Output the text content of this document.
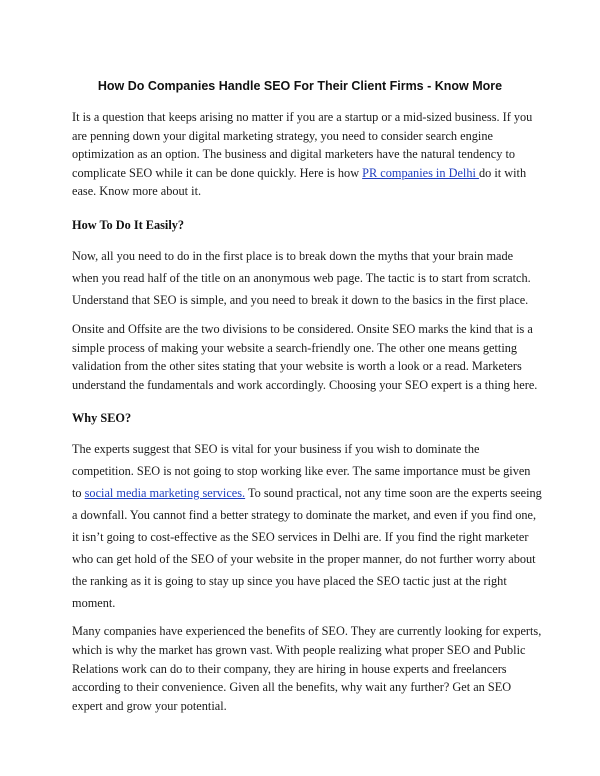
How Do Companies Handle SEO For Their Client Firms - Know More

It is a question that keeps arising no matter if you are a startup or a mid-sized business. If you are penning down your digital marketing strategy, you need to consider search engine optimization as an option. The business and digital marketers have the natural tendency to complicate SEO while it can be done quickly. Here is how PR companies in Delhi do it with ease. Know more about it.

How To Do It Easily?

Now, all you need to do in the first place is to break down the myths that your brain made when you read half of the title on an anonymous web page. The tactic is to start from scratch. Understand that SEO is simple, and you need to break it down to the basics in the first place.

Onsite and Offsite are the two divisions to be considered. Onsite SEO marks the kind that is a simple process of making your website a search-friendly one. The other one means getting validation from the other sites stating that your website is worth a look or a read. Marketers understand the fundamentals and work accordingly. Choosing your SEO expert is a thing here.

Why SEO?

The experts suggest that SEO is vital for your business if you wish to dominate the competition. SEO is not going to stop working like ever. The same importance must be given to social media marketing services. To sound practical, not any time soon are the experts seeing a downfall. You cannot find a better strategy to dominate the market, and even if you find one, it isn’t going to cost-effective as the SEO services in Delhi are. If you find the right marketer who can get hold of the SEO of your website in the proper manner, do not further worry about the ranking as it is going to stay up since you have placed the SEO tactic just at the right moment.

Many companies have experienced the benefits of SEO. They are currently looking for experts, which is why the market has grown vast. With people realizing what proper SEO and Public Relations work can do to their company, they are hiring in house experts and freelancers according to their convenience. Given all the benefits, why wait any further? Get an SEO expert and grow your potential.
